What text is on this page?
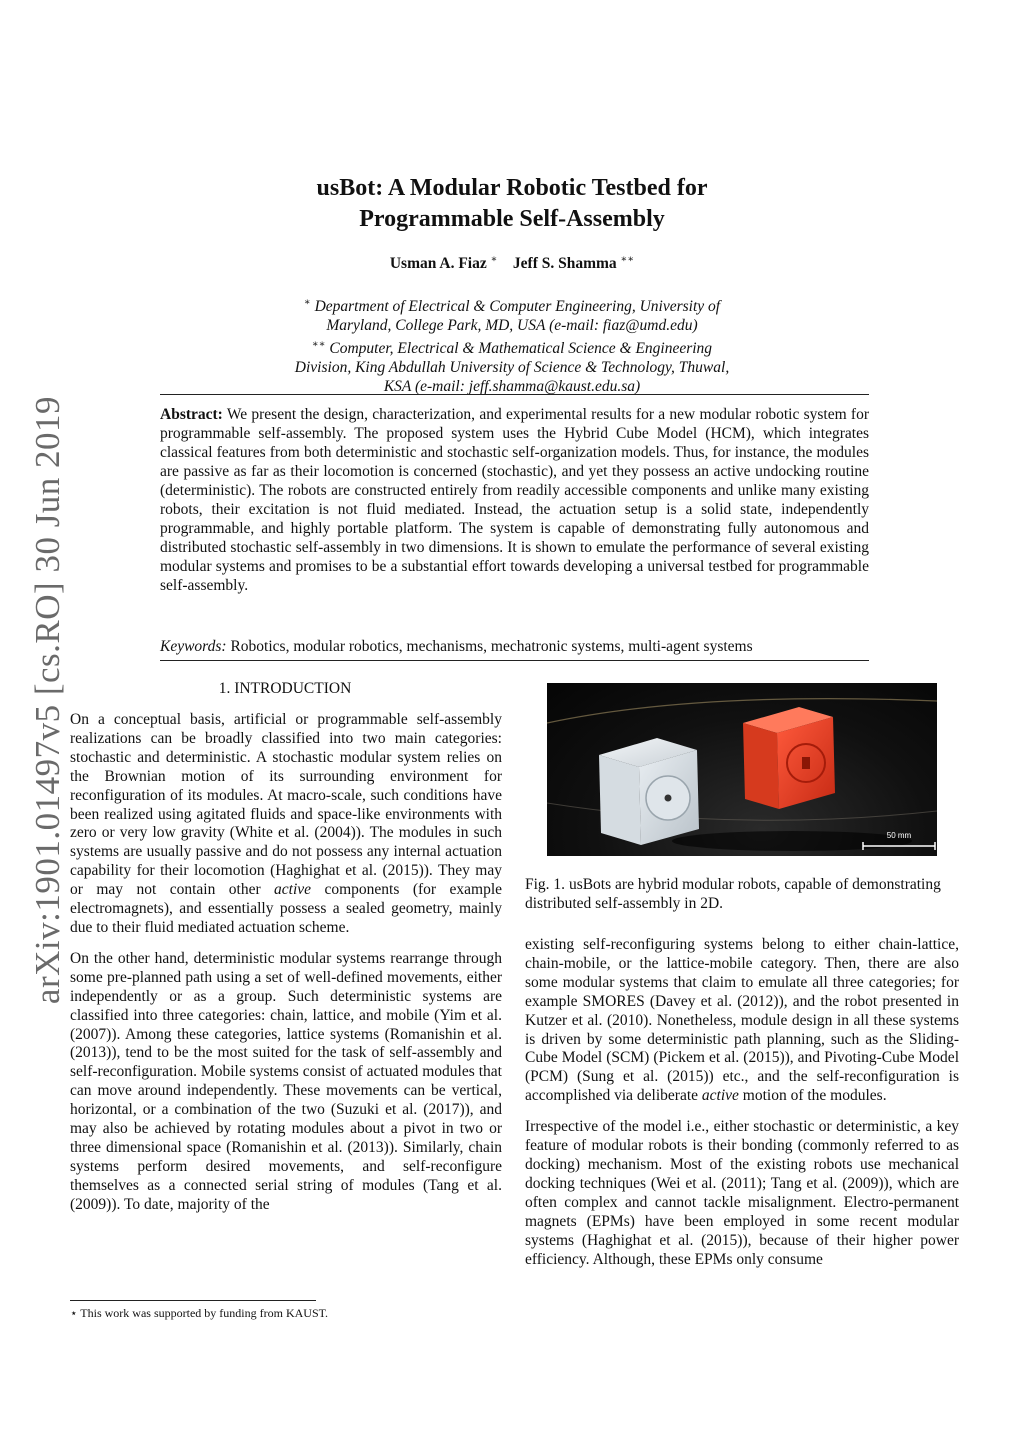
arXiv:1901.01497v5 [cs.RO] 30 Jun 2019
usBot: A Modular Robotic Testbed for
Programmable Self-Assembly
Usman A. Fiaz ∗ Jeff S. Shamma ∗∗
∗ Department of Electrical & Computer Engineering, University of
Maryland, College Park, MD, USA (e-mail: fiaz@umd.edu)
∗∗ Computer, Electrical & Mathematical Science & Engineering
Division, King Abdullah University of Science & Technology, Thuwal,
KSA (e-mail: jeff.shamma@kaust.edu.sa)
Abstract: We present the design, characterization, and experimental results for a new modular robotic system for programmable self-assembly. The proposed system uses the Hybrid Cube Model (HCM), which integrates classical features from both deterministic and stochastic self-organization models. Thus, for instance, the modules are passive as far as their locomotion is concerned (stochastic), and yet they possess an active undocking routine (deterministic). The robots are constructed entirely from readily accessible components and unlike many existing robots, their excitation is not fluid mediated. Instead, the actuation setup is a solid state, independently programmable, and highly portable platform. The system is capable of demonstrating fully autonomous and distributed stochastic self-assembly in two dimensions. It is shown to emulate the performance of several existing modular systems and promises to be a substantial effort towards developing a universal testbed for programmable self-assembly.
Keywords: Robotics, modular robotics, mechanisms, mechatronic systems, multi-agent systems
1. INTRODUCTION

On a conceptual basis, artificial or programmable self-assembly realizations can be broadly classified into two main categories: stochastic and deterministic. A stochastic modular system relies on the Brownian motion of its surrounding environment for reconfiguration of its modules. At macro-scale, such conditions have been realized using agitated fluids and space-like environments with zero or very low gravity (White et al. (2004)). The modules in such systems are usually passive and do not possess any internal actuation capability for their locomotion (Haghighat et al. (2015)). They may or may not contain other active components (for example electromagnets), and essentially possess a sealed geometry, mainly due to their fluid mediated actuation scheme.

On the other hand, deterministic modular systems rearrange through some pre-planned path using a set of well-defined movements, either independently or as a group. Such deterministic systems are classified into three categories: chain, lattice, and mobile (Yim et al. (2007)). Among these categories, lattice systems (Romanishin et al. (2013)), tend to be the most suited for the task of self-assembly and self-reconfiguration. Mobile systems consist of actuated modules that can move around independently. These movements can be vertical, horizontal, or a combination of the two (Suzuki et al. (2017)), and may also be achieved by rotating modules about a pivot in two or three dimensional space (Romanishin et al. (2013)). Similarly, chain systems perform desired movements, and self-reconfigure themselves as a connected serial string of modules (Tang et al. (2009)). To date, majority of the

50 mm
Fig. 1. usBots are hybrid modular robots, capable of demonstrating distributed self-assembly in 2D.

existing self-reconfiguring systems belong to either chain-lattice, chain-mobile, or the lattice-mobile category. Then, there are also some modular systems that claim to emulate all three categories; for example SMORES (Davey et al. (2012)), and the robot presented in Kutzer et al. (2010). Nonetheless, module design in all these systems is driven by some deterministic path planning, such as the Sliding-Cube Model (SCM) (Pickem et al. (2015)), and Pivoting-Cube Model (PCM) (Sung et al. (2015)) etc., and the self-reconfiguration is accomplished via deliberate active motion of the modules.

Irrespective of the model i.e., either stochastic or deterministic, a key feature of modular robots is their bonding (commonly referred to as docking) mechanism. Most of the existing robots use mechanical docking techniques (Wei et al. (2011); Tang et al. (2009)), which are often complex and cannot tackle misalignment. Electro-permanent magnets (EPMs) have been employed in some recent modular systems (Haghighat et al. (2015)), because of their higher power efficiency. Although, these EPMs only consume

⋆ This work was supported by funding from KAUST.
